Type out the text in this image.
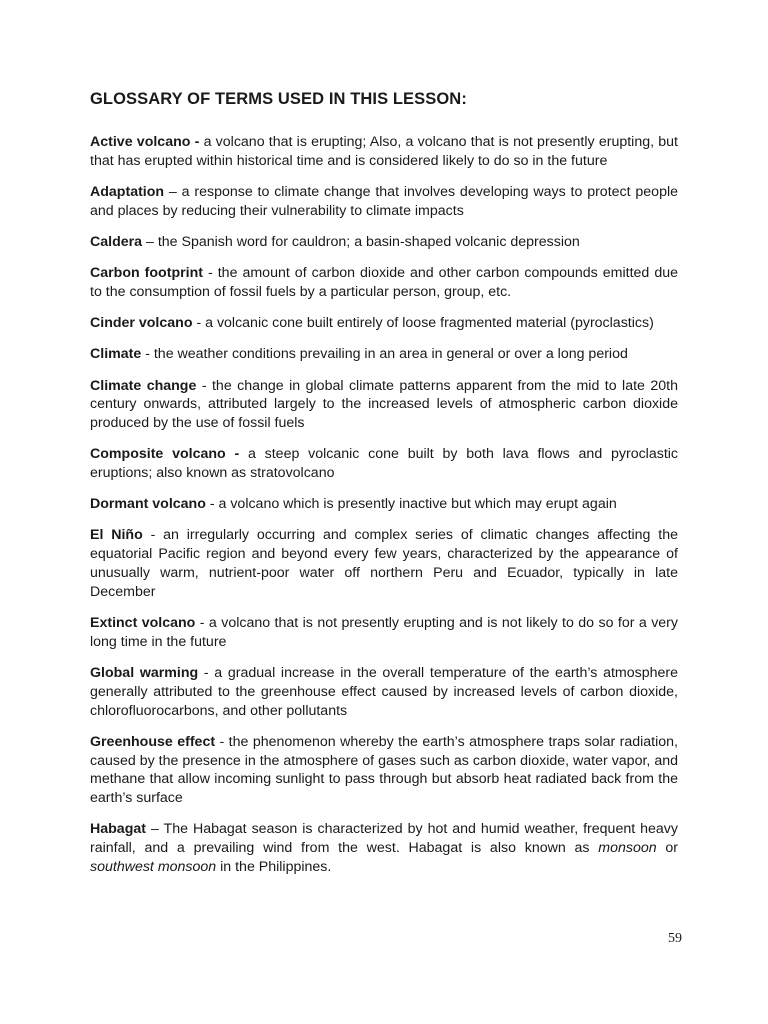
GLOSSARY OF TERMS USED IN THIS LESSON:
Active volcano - a volcano that is erupting; Also, a volcano that is not presently erupting, but that has erupted within historical time and is considered likely to do so in the future
Adaptation – a response to climate change that involves developing ways to protect people and places by reducing their vulnerability to climate impacts
Caldera – the Spanish word for cauldron; a basin-shaped volcanic depression
Carbon footprint - the amount of carbon dioxide and other carbon compounds emitted due to the consumption of fossil fuels by a particular person, group, etc.
Cinder volcano - a volcanic cone built entirely of loose fragmented material (pyroclastics)
Climate - the weather conditions prevailing in an area in general or over a long period
Climate change - the change in global climate patterns apparent from the mid to late 20th century onwards, attributed largely to the increased levels of atmospheric carbon dioxide produced by the use of fossil fuels
Composite volcano - a steep volcanic cone built by both lava flows and pyroclastic eruptions; also known as stratovolcano
Dormant volcano - a volcano which is presently inactive but which may erupt again
El Niño - an irregularly occurring and complex series of climatic changes affecting the equatorial Pacific region and beyond every few years, characterized by the appearance of unusually warm, nutrient-poor water off northern Peru and Ecuador, typically in late December
Extinct volcano - a volcano that is not presently erupting and is not likely to do so for a very long time in the future
Global warming - a gradual increase in the overall temperature of the earth’s atmosphere generally attributed to the greenhouse effect caused by increased levels of carbon dioxide, chlorofluorocarbons, and other pollutants
Greenhouse effect - the phenomenon whereby the earth’s atmosphere traps solar radiation, caused by the presence in the atmosphere of gases such as carbon dioxide, water vapor, and methane that allow incoming sunlight to pass through but absorb heat radiated back from the earth’s surface
Habagat – The Habagat season is characterized by hot and humid weather, frequent heavy rainfall, and a prevailing wind from the west. Habagat is also known as monsoon or southwest monsoon in the Philippines.
59
